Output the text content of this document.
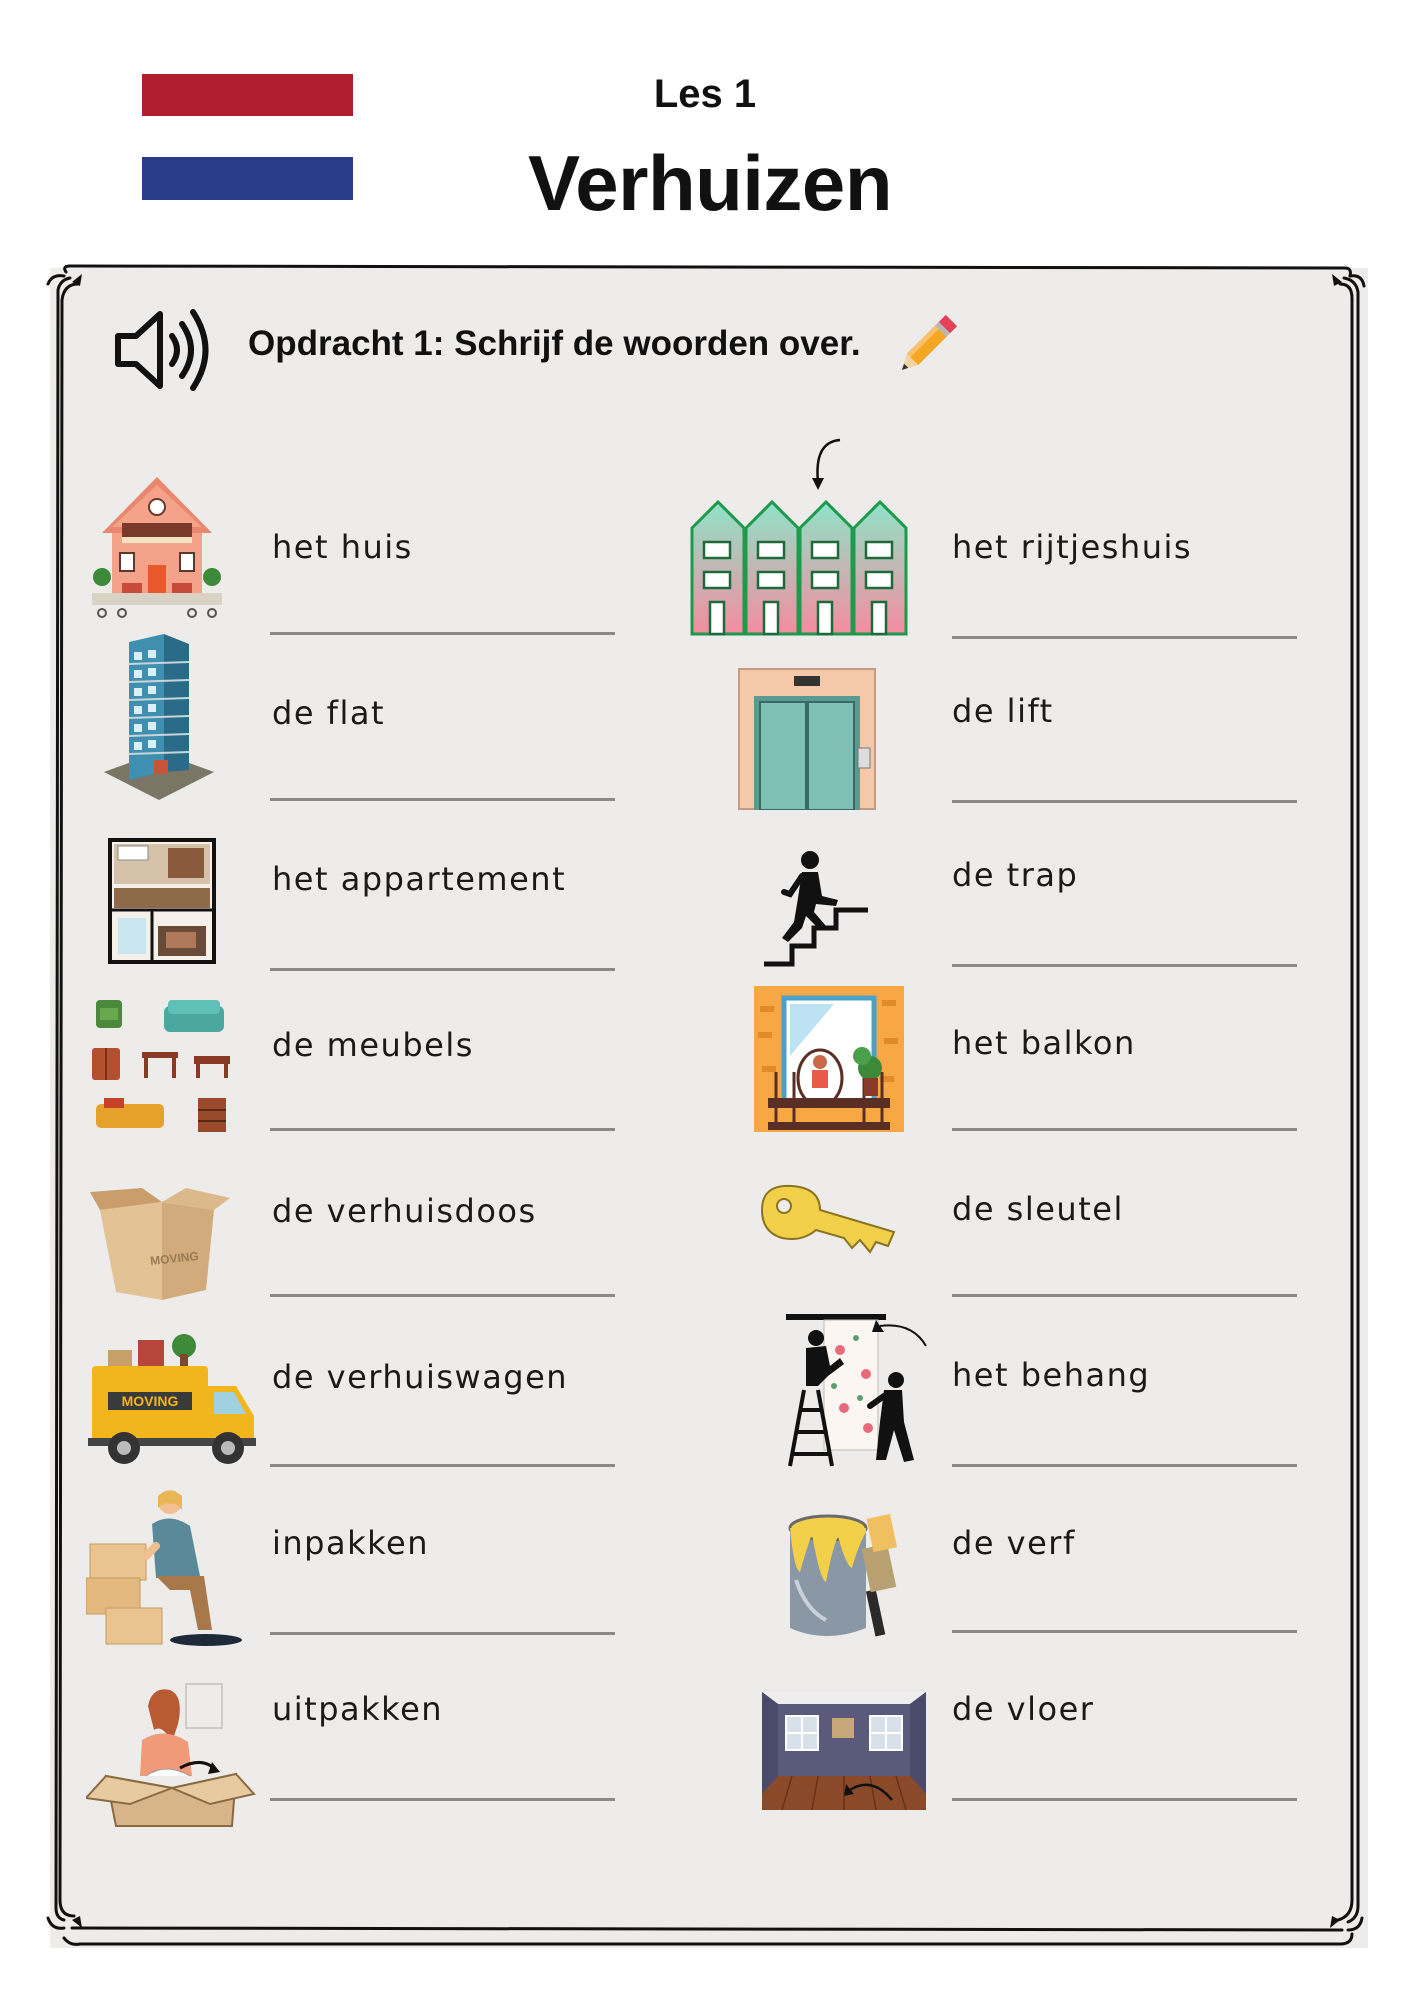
Les 1
Verhuizen
Opdracht 1: Schrijf de woorden over.
het huis
de flat
het appartement
de meubels
MOVING
de verhuisdoos
MOVING
de verhuiswagen
inpakken
uitpakken
het rijtjeshuis
de lift
de trap
het balkon
de sleutel
het behang
de verf
de vloer
